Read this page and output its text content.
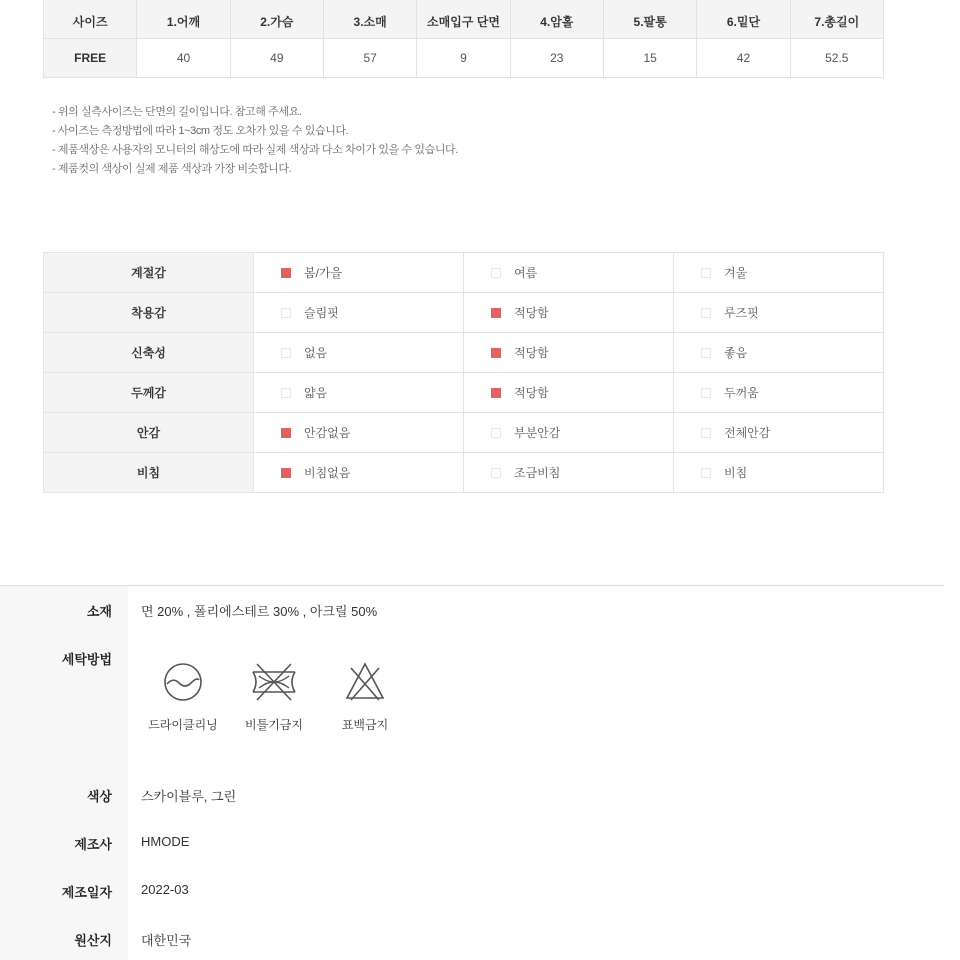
사이즈	1.어깨	2.가슴	3.소매	소매입구 단면	4.암홀	5.팔통	6.밑단	7.총길이
FREE	40	49	57	9	23	15	42	52.5
- 위의 실측사이즈는 단면의 길이입니다. 참고해 주세요.
- 사이즈는 측정방법에 따라 1~3cm 정도 오차가 있을 수 있습니다.
- 제품색상은 사용자의 모니터의 해상도에 따라 실제 색상과 다소 차이가 있을 수 있습니다.
- 제품컷의 색상이 실제 제품 색상과 가장 비슷합니다.
계절감	봄/가을	여름	겨울
착용감	슬림핏	적당함	루즈핏
신축성	없음	적당함	좋음
두께감	얇음	적당함	두꺼움
안감	안감없음	부분안감	전체안감
비침	비침없음	조금비침	비침
소재 면 20% , 폴리에스테르 30% , 아크릴 50%
세탁방법
드라이클리닝	비틀기금지	표백금지
색상 스카이블루, 그린
제조사 HMODE
제조일자 2022-03
원산지 대한민국
